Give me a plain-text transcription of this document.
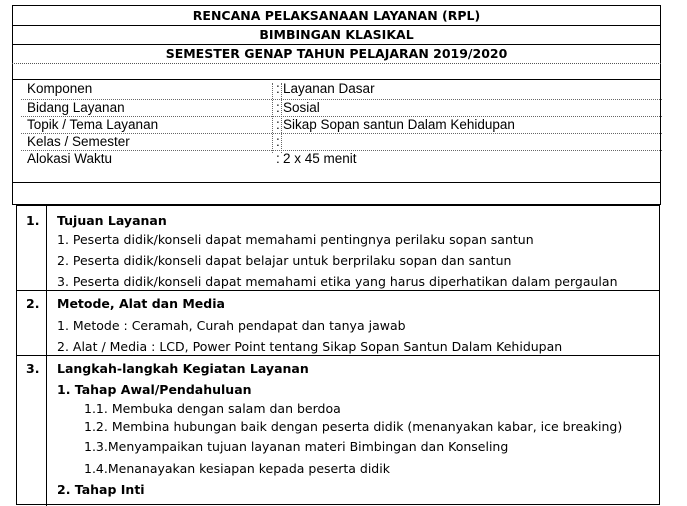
RENCANA PELAKSANAAN LAYANAN (RPL)
BIMBINGAN KLASIKAL
SEMESTER GENAP TAHUN PELAJARAN 2019/2020
Komponen	: Layanan Dasar
Bidang Layanan	: Sosial
Topik / Tema Layanan	: Sikap Sopan santun Dalam Kehidupan
Kelas / Semester	:
Alokasi Waktu	: 2 x 45 menit
1. Tujuan Layanan
1. Peserta didik/konseli dapat memahami pentingnya perilaku sopan santun
2. Peserta didik/konseli dapat belajar untuk berprilaku sopan dan santun
3. Peserta didik/konseli dapat memahami etika yang harus diperhatikan dalam pergaulan
2. Metode, Alat dan Media
1. Metode : Ceramah, Curah pendapat dan tanya jawab
2. Alat / Media : LCD, Power Point tentang Sikap Sopan Santun Dalam Kehidupan
3. Langkah-langkah Kegiatan Layanan
1. Tahap Awal/Pendahuluan
1.1. Membuka dengan salam dan berdoa
1.2. Membina hubungan baik dengan peserta didik (menanyakan kabar, ice breaking)
1.3.Menyampaikan tujuan layanan materi Bimbingan dan Konseling
1.4.Menanayakan kesiapan kepada peserta didik
2. Tahap Inti
